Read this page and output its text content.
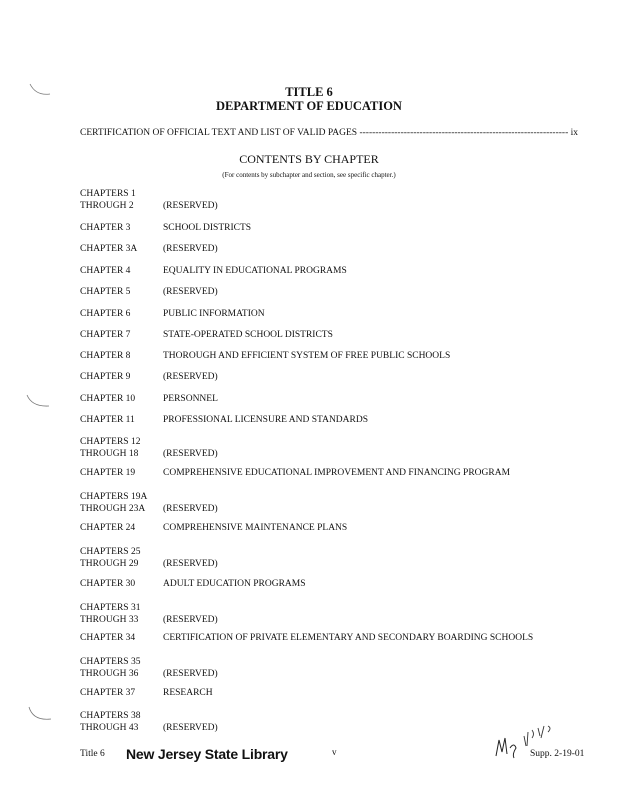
TITLE 6
DEPARTMENT OF EDUCATION
CERTIFICATION OF OFFICIAL TEXT AND LIST OF VALID PAGES ------------------------------------------------------------------ ix
CONTENTS BY CHAPTER
(For contents by subchapter and section, see specific chapter.)
CHAPTERS 1
THROUGH 2	(RESERVED)
CHAPTER 3	SCHOOL DISTRICTS
CHAPTER 3A	(RESERVED)
CHAPTER 4	EQUALITY IN EDUCATIONAL PROGRAMS
CHAPTER 5	(RESERVED)
CHAPTER 6	PUBLIC INFORMATION
CHAPTER 7	STATE-OPERATED SCHOOL DISTRICTS
CHAPTER 8	THOROUGH AND EFFICIENT SYSTEM OF FREE PUBLIC SCHOOLS
CHAPTER 9	(RESERVED)
CHAPTER 10	PERSONNEL
CHAPTER 11	PROFESSIONAL LICENSURE AND STANDARDS
CHAPTERS 12
THROUGH 18	(RESERVED)
CHAPTER 19	COMPREHENSIVE EDUCATIONAL IMPROVEMENT AND FINANCING PROGRAM
CHAPTERS 19A
THROUGH 23A	(RESERVED)
CHAPTER 24	COMPREHENSIVE MAINTENANCE PLANS
CHAPTERS 25
THROUGH 29	(RESERVED)
CHAPTER 30	ADULT EDUCATION PROGRAMS
CHAPTERS 31
THROUGH 33	(RESERVED)
CHAPTER 34	CERTIFICATION OF PRIVATE ELEMENTARY AND SECONDARY BOARDING SCHOOLS
CHAPTERS 35
THROUGH 36	(RESERVED)
CHAPTER 37	RESEARCH
CHAPTERS 38
THROUGH 43	(RESERVED)
Title 6 New Jersey State Library	v	Supp. 2-19-01
